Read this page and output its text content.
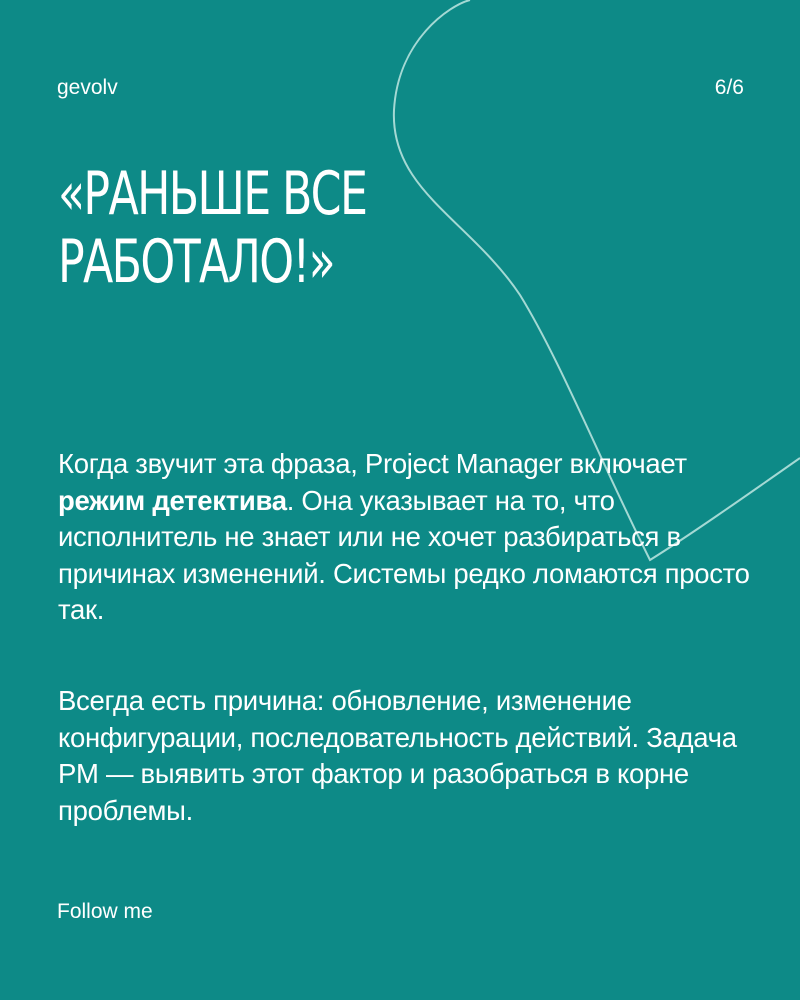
gevolv	6/6
«РАНЬШЕ ВСЕ
РАБОТАЛО!»

Когда звучит эта фраза, Project Manager включает режим детектива. Она указывает на то, что исполнитель не знает или не хочет разбираться в причинах изменений. Системы редко ломаются просто так.

Всегда есть причина: обновление, изменение конфигурации, последовательность действий. Задача PM — выявить этот фактор и разобраться в корне проблемы.

Follow me
